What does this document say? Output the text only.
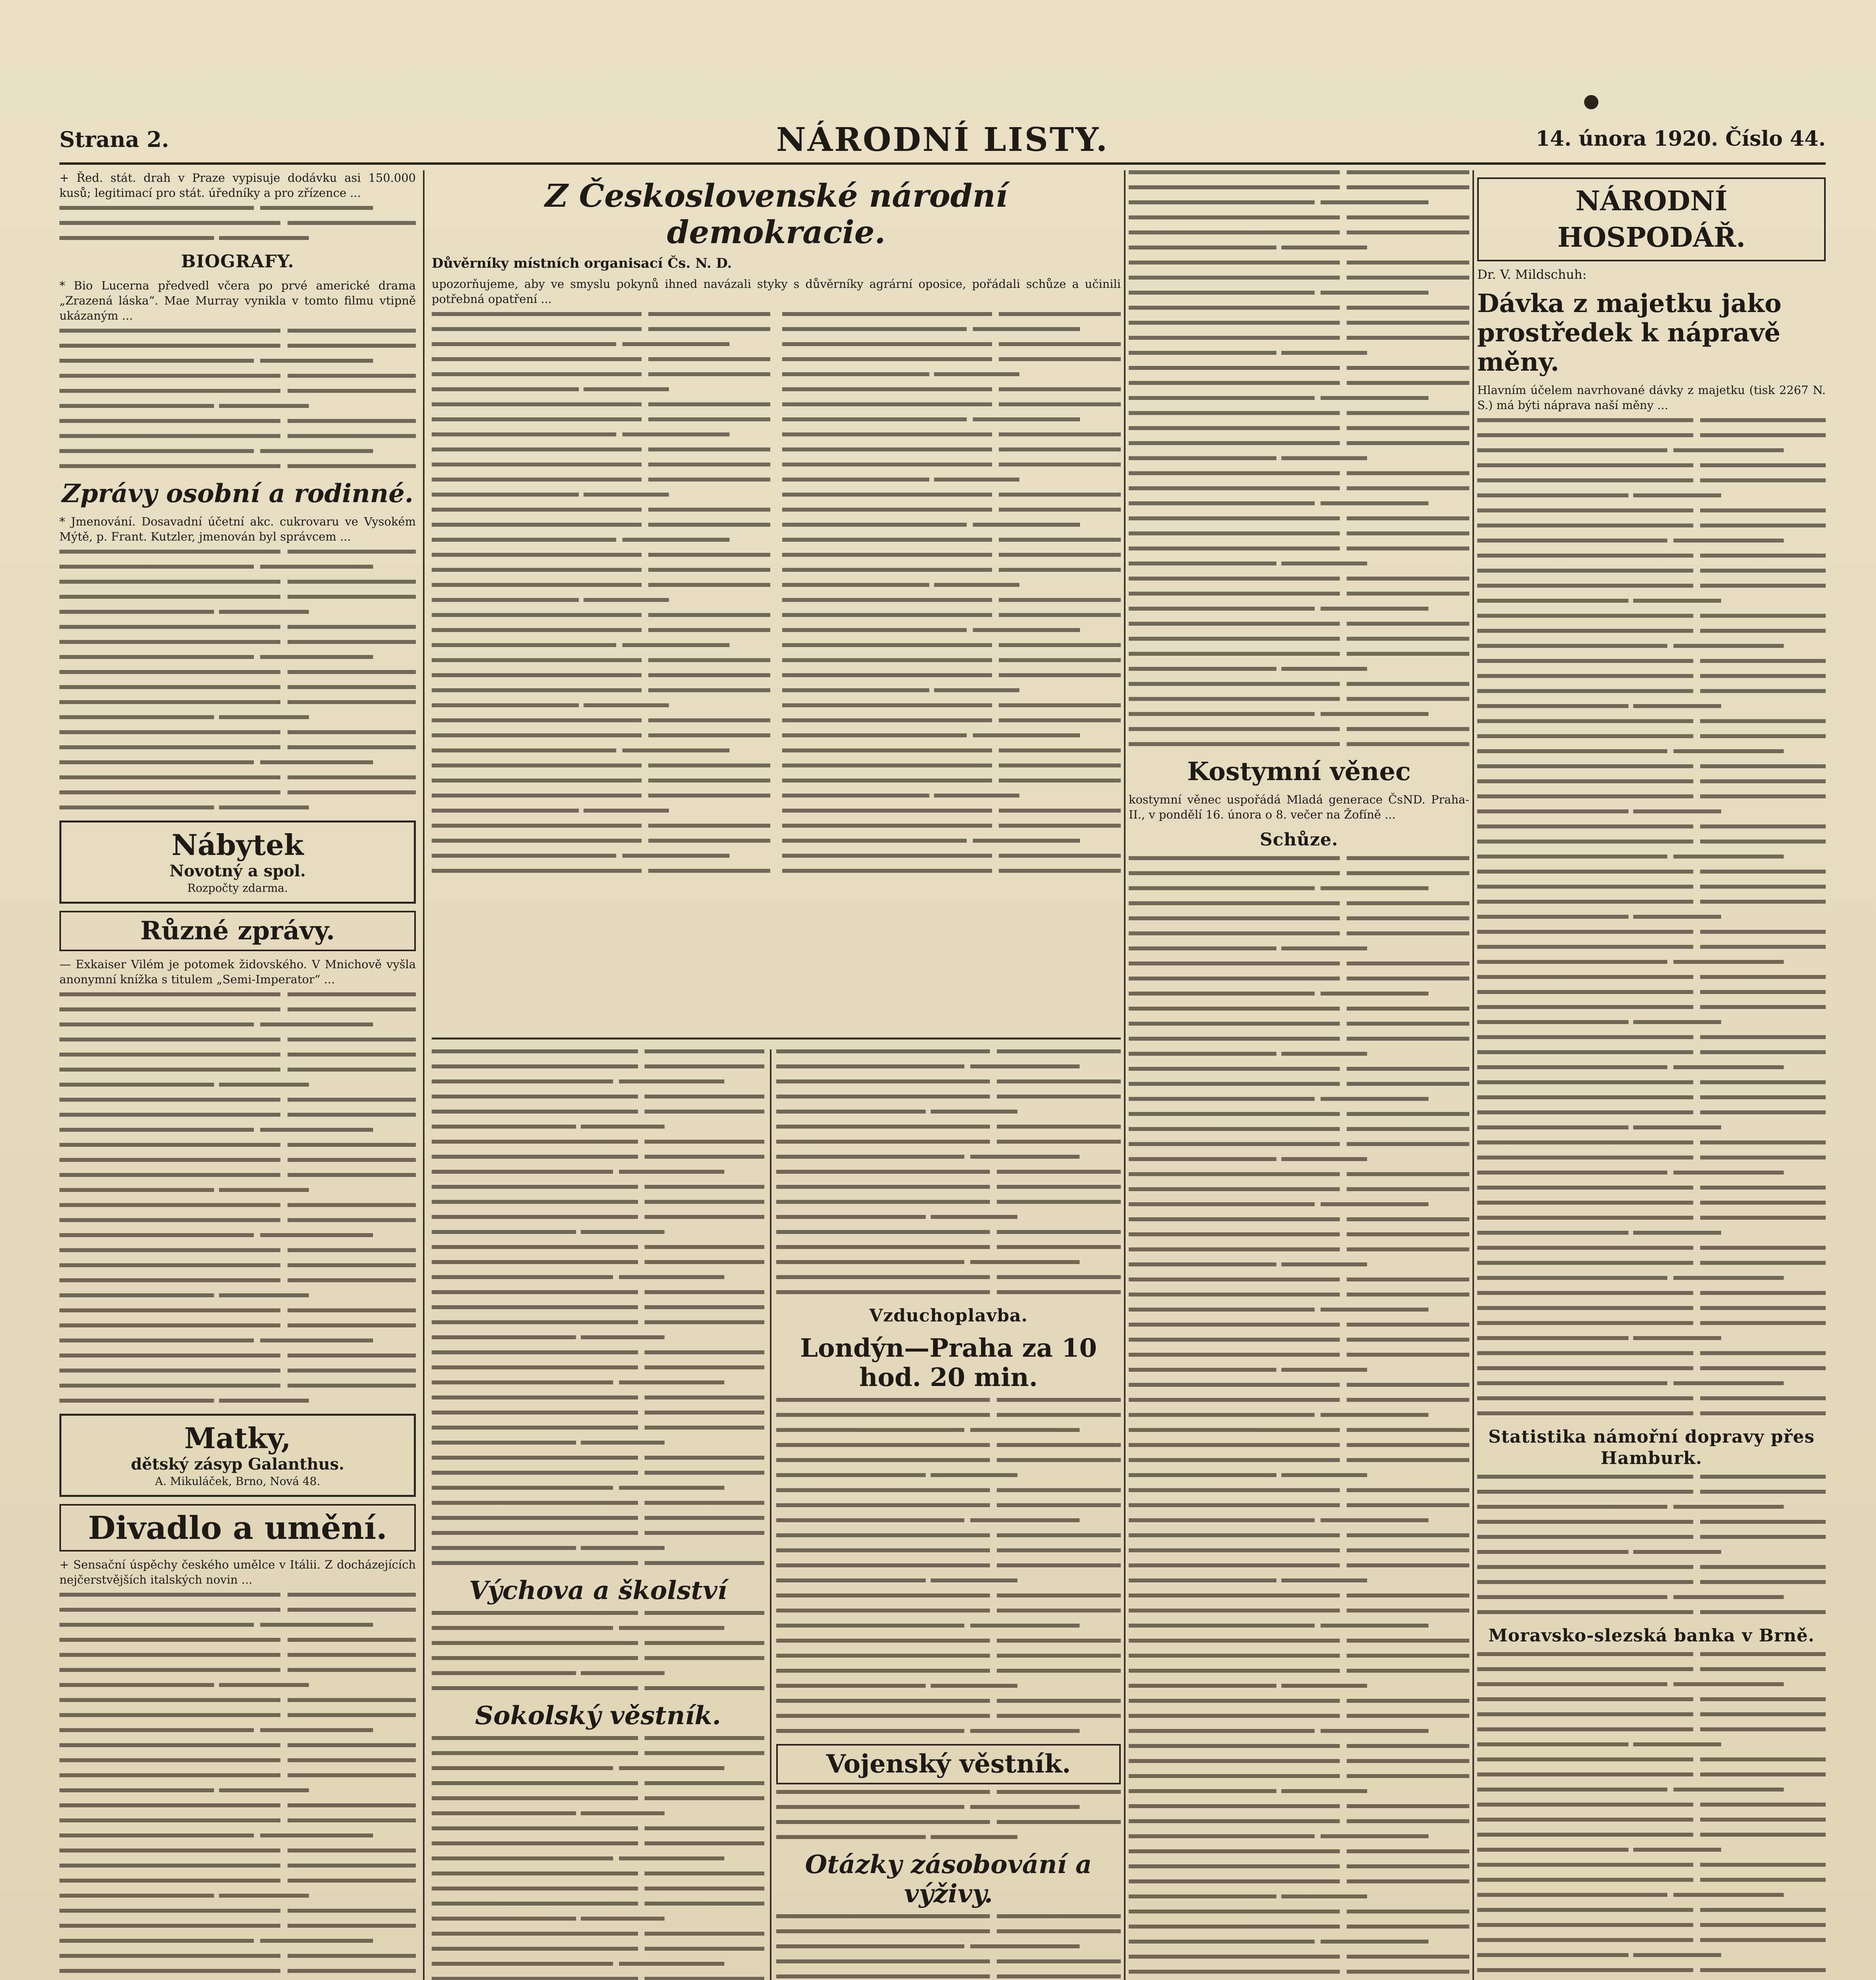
Strana 2.	NÁRODNÍ LISTY.	14. února 1920. Číslo 44.

+ Řed. stát. drah v Praze vypisuje dodávku asi 150.000 kusů; legitimací pro stát. úředníky a pro zřízence ...

BIOGRAFY.

* Bio Lucerna předvedl včera po prvé americké drama „Zrazená láska“. Mae Murray vynikla v tomto filmu vtipně ukázaným ...

Zprávy osobní a rodinné.

* Jmenování. Dosavadní účetní akc. cukrovaru ve Vysokém Mýtě, p. Frant. Kutzler, jmenován byl správcem ...

Nábytek
Novotný a spol.
Rozpočty zdarma.
Různé zprávy.

— Exkaiser Vilém je potomek židovského. V Mnichově vyšla anonymní knížka s titulem „Semi-Imperator“ ...

Matky,
dětský zásyp Galanthus.
A. Mikuláček, Brno, Nová 48.
Divadlo a umění.

+ Sensační úspěchy českého umělce v Itálii. Z docházejících nejčerstvějších italských novin ...

Z Československé národní demokracie.

Důvěrníky místních organisací Čs. N. D.

upozorňujeme, aby ve smyslu pokynů ihned navázali styky s důvěrníky agrární oposice, pořádali schůze a učinili potřebná opatření ...

Výchova a školství
Sokolský věstník.

Vzduchoplavba.
Londýn—Praha za 10 hod. 20 min.
Vojenský věstník.
Otázky zásobování a výživy.
Kostymní věnec

kostymní věnec uspořádá Mladá generace ČsND. Praha-II., v pondělí 16. února o 8. večer na Žofíně ...

Schůze.
NÁRODNÍ HOSPODÁŘ.

Dr. V. Mildschuh:

Dávka z majetku jako prostředek k nápravě měny.

Hlavním účelem navrhované dávky z majetku (tisk 2267 N. S.) má býti náprava naší měny ...

Statistika námořní dopravy přes Hamburk.
Moravsko-slezská banka v Brně.
